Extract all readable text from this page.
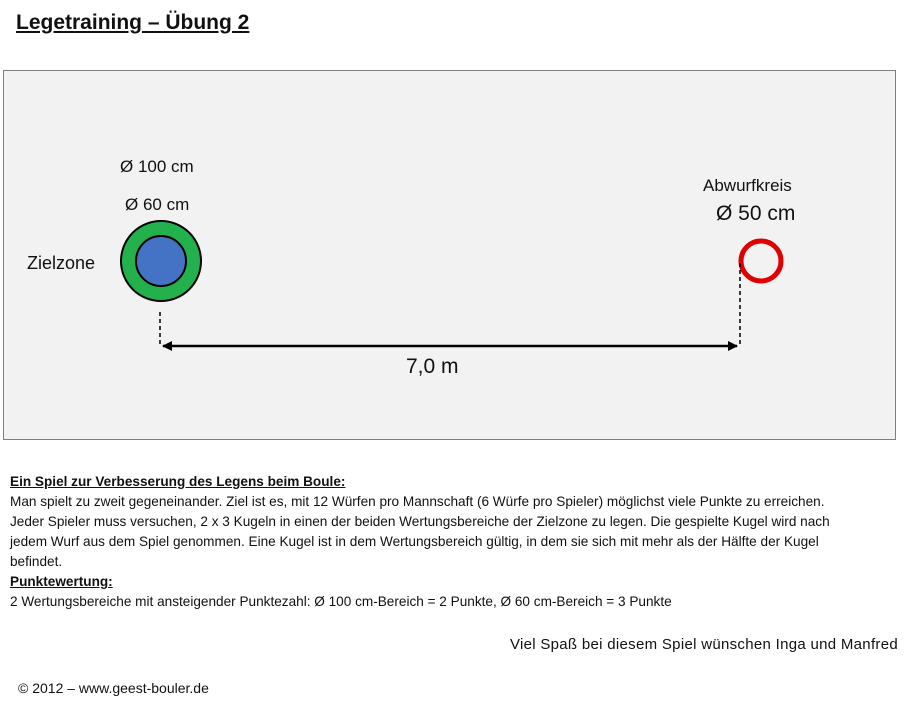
Legetraining – Übung 2
Ø 100 cm
Ø 60 cm
Zielzone
Abwurfkreis
Ø 50 cm
7,0 m

Ein Spiel zur Verbesserung des Legens beim Boule:

Man spielt zu zweit gegeneinander. Ziel ist es, mit 12 Würfen pro Mannschaft (6 Würfe pro Spieler) möglichst viele Punkte zu erreichen.

Jeder Spieler muss versuchen, 2 x 3 Kugeln in einen der beiden Wertungsbereiche der Zielzone zu legen. Die gespielte Kugel wird nach

jedem Wurf aus dem Spiel genommen. Eine Kugel ist in dem Wertungsbereich gültig, in dem sie sich mit mehr als der Hälfte der Kugel

befindet.

Punktewertung:

2 Wertungsbereiche mit ansteigender Punktezahl: Ø 100 cm-Bereich = 2 Punkte, Ø 60 cm-Bereich = 3 Punkte

Viel Spaß bei diesem Spiel wünschen Inga und Manfred
© 2012 – www.geest-bouler.de
